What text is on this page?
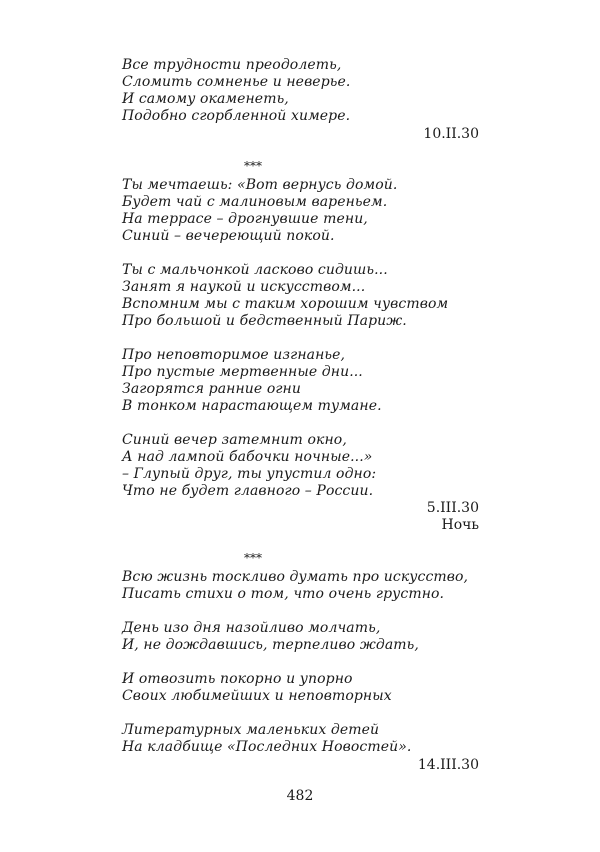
Все трудности преодолеть,
Сломить сомненье и неверье.
И самому окаменеть,
Подобно сгорбленной химере.
10.II.30
***
Ты мечтаешь: «Вот вернусь домой.
Будет чай с малиновым вареньем.
На террасе – дрогнувшие тени,
Синий – вечереющий покой.
Ты с мальчонкой ласково сидишь...
Занят я наукой и искусством...
Вспомним мы с таким хорошим чувством
Про большой и бедственный Париж.
Про неповторимое изгнанье,
Про пустые мертвенные дни...
Загорятся ранние огни
В тонком нарастающем тумане.
Синий вечер затемнит окно,
А над лампой бабочки ночные...»
– Глупый друг, ты упустил одно:
Что не будет главного – России.
5.III.30
Ночь
***
Всю жизнь тоскливо думать про искусство,
Писать стихи о том, что очень грустно.
День изо дня назойливо молчать,
И, не дождавшись, терпеливо ждать,
И отвозить покорно и упорно
Своих любимейших и неповторных
Литературных маленьких детей
На кладбище «Последних Новостей».
14.III.30
482
